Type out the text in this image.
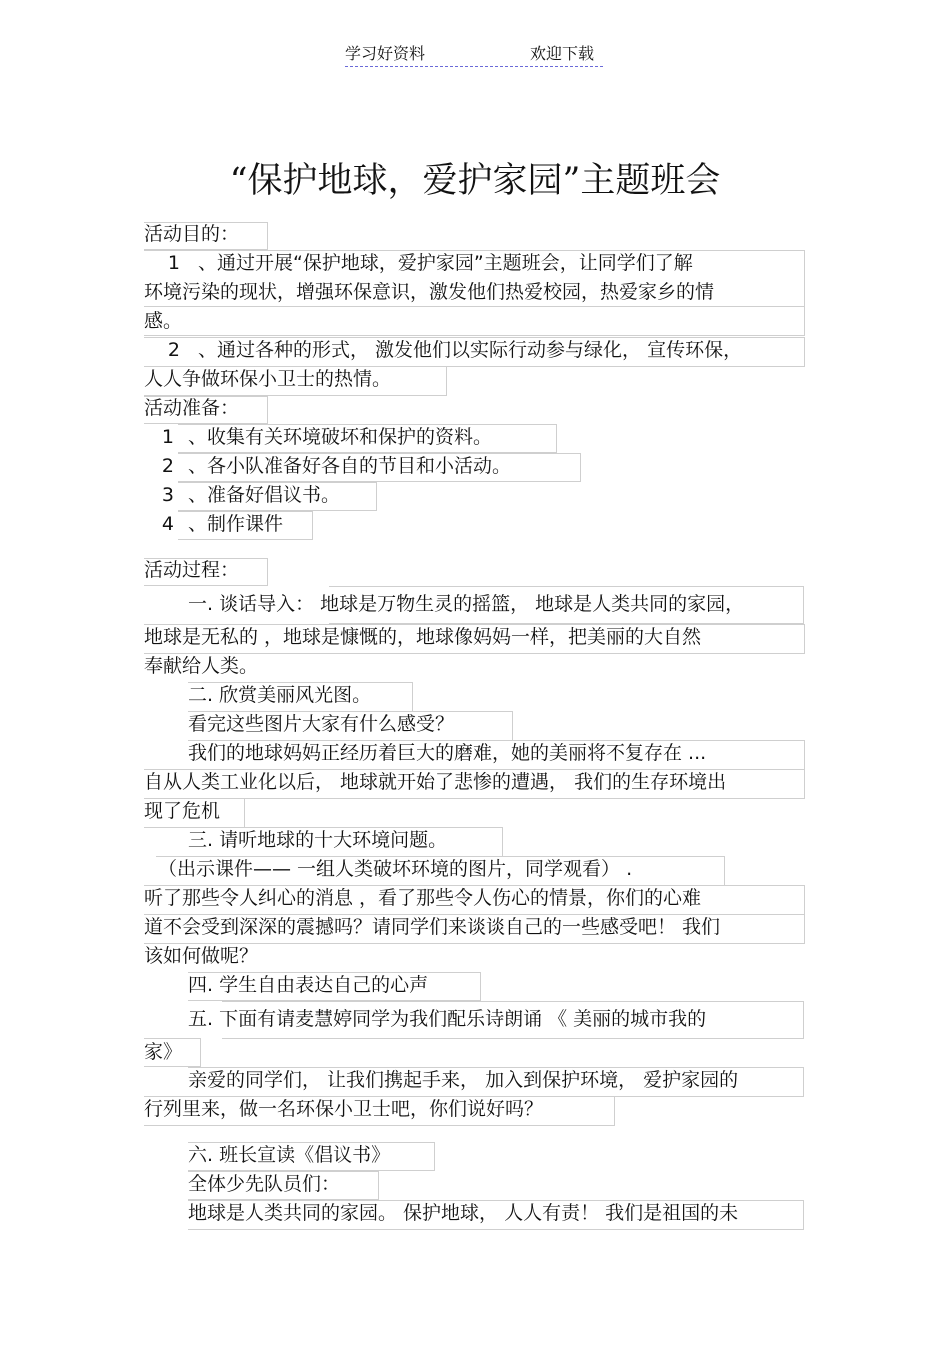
学习好资料	欢迎下载
“保护地球，爱护家园”主题班会
活动目的：
1 、通过开展“保护地球，爱护家园”主题班会，让同学们了解
环境污染的现状，增强环保意识，激发他们热爱校园，热爱家乡的情
感。
2 、通过各种的形式， 激发他们以实际行动参与绿化， 宣传环保，
人人争做环保小卫士的热情。
活动准备：
1 、收集有关环境破坏和保护的资料。
2 、各小队准备好各自的节目和小活动。
3 、准备好倡议书。
4 、制作课件
活动过程：
一. 谈话导入： 地球是万物生灵的摇篮， 地球是人类共同的家园，
地球是无私的 ，地球是慷慨的，地球像妈妈一样，把美丽的大自然
奉献给人类。
二. 欣赏美丽风光图。
看完这些图片大家有什么感受？
我们的地球妈妈正经历着巨大的磨难，她的美丽将不复存在 ...
自从人类工业化以后， 地球就开始了悲惨的遭遇， 我们的生存环境出
现了危机
三. 请听地球的十大环境问题。
（出示课件—— 一组人类破坏环境的图片，同学观看） .
听了那些令人纠心的消息 ，看了那些令人伤心的情景，你们的心难
道不会受到深深的震撼吗？请同学们来谈谈自己的一些感受吧！ 我们
该如何做呢？
四. 学生自由表达自己的心声
五. 下面有请麦慧婷同学为我们配乐诗朗诵 《 美丽的城市我的
家》
亲爱的同学们， 让我们携起手来， 加入到保护环境， 爱护家园的
行列里来，做一名环保小卫士吧，你们说好吗？
六. 班长宣读《倡议书》
全体少先队员们：
地球是人类共同的家园。 保护地球， 人人有责！ 我们是祖国的未
